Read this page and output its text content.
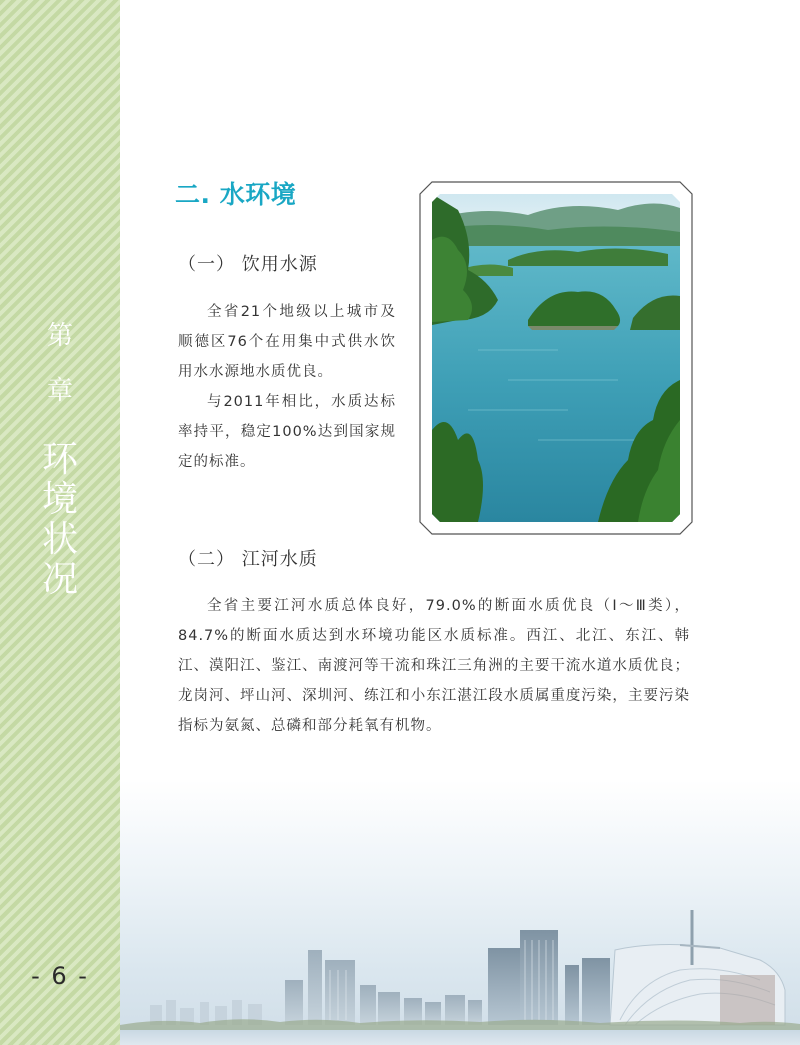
第
章
环
境
状
况
- 6 -
二. 水环境
（一） 饮用水源
全省21个地级以上城市及顺德区76个在用集中式供水饮用水水源地水质优良。
与2011年相比，水质达标率持平，稳定100%达到国家规定的标准。
（二） 江河水质
全省主要江河水质总体良好，79.0%的断面水质优良（Ⅰ～Ⅲ类），84.7%的断面水质达到水环境功能区水质标准。西江、北江、东江、韩江、漠阳江、鉴江、南渡河等干流和珠江三角洲的主要干流水道水质优良；龙岗河、坪山河、深圳河、练江和小东江湛江段水质属重度污染，主要污染指标为氨氮、总磷和部分耗氧有机物。
